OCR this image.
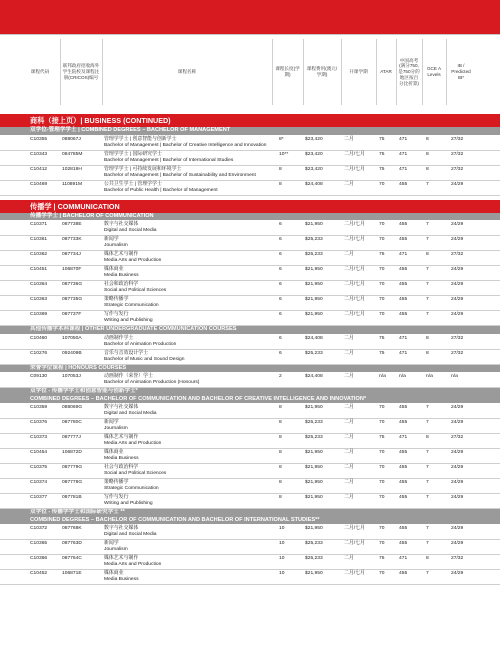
课程代码
联邦政府招收海外学生院校及课程注册(CRICOS)编号
课程名称
课程长度(学期)
课程费用(澳元/学期)
开课学期	ATAR
中国高考(满分750, 是750分的地区按百分比折算)
GCE A Levels
IB / Predicted IB*
商科（接上页）| BUSINESS (CONTINUED)
双学位-管理学学士 | COMBINED DEGREES – BACHELOR OF MANAGEMENT
C10355	088067J	管理学学士 | 创意智能与创新学士
Bachelor of Management | Bachelor of Creative Intelligence and Innovation
8*	$23,420	二月	75	471	8	27/32
C10343	084785M	管理学学士 | 国际研究学士
Bachelor of Management | Bachelor of International Studies
10**	$23,420	二月/七月	75	471	8	27/32
C10412	102819H	管理学学士 | 可持续发展和环境学士
Bachelor of Management | Bachelor of Sustainability and Environment
8	$23,420	二月/七月	75	471	8	27/32
C10469	110891M	公共卫生学士 | 管理学学士
Bachelor of Public Health | Bachelor of Management
8	$24,408	二月	70	455	7	24/29
传播学 | COMMUNICATION
传播学学士 | BACHELOR OF COMMUNICATION
C10371	087738E	数字与社交媒体
Digital and Social Media
6	$21,950	二月/七月	70	455	7	24/29
C10361	087733K	新闻学
Journalism
6	$25,233	二月/七月	70	455	7	24/29
C10362	087734J	媒体艺术与制作
Media Arts and Production
6	$25,233	二月	75	471	8	27/32
C10451	106870F	媒体商业
Media Business
6	$21,950	二月/七月	70	455	7	24/29
C10364	087736G	社会和政治科学
Social and Political Sciences
6	$21,950	二月/七月	70	455	7	24/29
C10363	087735G	策略传播学
Strategic Communication
6	$21,950	二月/七月	70	455	7	24/29
C10369	087737F	写作与发行
Writing and Publishing
6	$21,950	二月/七月	70	455	7	24/29
其他传播学本科课程 | OTHER UNDERGRADUATE COMMUNICATION COURSES
C10460	107050A	动画制作学士
Bachelor of Animation Production
6	$24,408	二月	75	471	8	27/32
C10276	092409B	音乐与音效设计学士
Bachelor of Music and Sound Design
6	$25,233	二月	75	471	8	27/32
荣誉学位课程 | HONOURS COURSES
C09130	107053J	动画制作（荣誉）学士
Bachelor of Animation Production (Honours)
2	$24,408	二月	n/a	n/a	n/a	n/a
双学位 - 传播学学士和创意智能与创新学士*
COMBINED DEGREES – BACHELOR OF COMMUNICATION AND BACHELOR OF CREATIVE INTELLIGENCE AND INNOVATION*
C10359	088069G	数字与社交媒体
Digital and Social Media
8	$21,950	二月	70	455	7	24/29
C10376	087780C	新闻学
Journalism
8	$25,233	二月	70	455	7	24/29
C10373	087777J	媒体艺术与制作
Media Arts and Production
8	$25,233	二月	75	471	8	27/32
C10454	106872D	媒体商业
Media Business
8	$21,950	二月	70	455	7	24/29
C10375	087779G	社会与政治科学
Social and Political Sciences
8	$21,950	二月	70	455	7	24/29
C10374	087778G	策略传播学
Strategic Communication
8	$21,950	二月	70	455	7	24/29
C10377	087781B	写作与发行
Writing and Publishing
8	$21,950	二月	70	455	7	24/29
双学位 - 传播学学士和国际研究学士 **
COMBINED DEGREES – BACHELOR OF COMMUNICATION AND BACHELOR OF INTERNATIONAL STUDIES**
C10372	087768K	数字与社交媒体
Digital and Social Media
10	$21,950	二月/七月	70	455	7	24/29
C10365	087763D	新闻学
Journalism
10	$25,233	二月/七月	70	455	7	24/29
C10366	087764C	媒体艺术与制作
Media Arts and Production
10	$25,233	二月	75	471	8	27/32
C10452	106871E	媒体商业
Media Business
10	$21,950	二月/七月	70	455	7	24/29
